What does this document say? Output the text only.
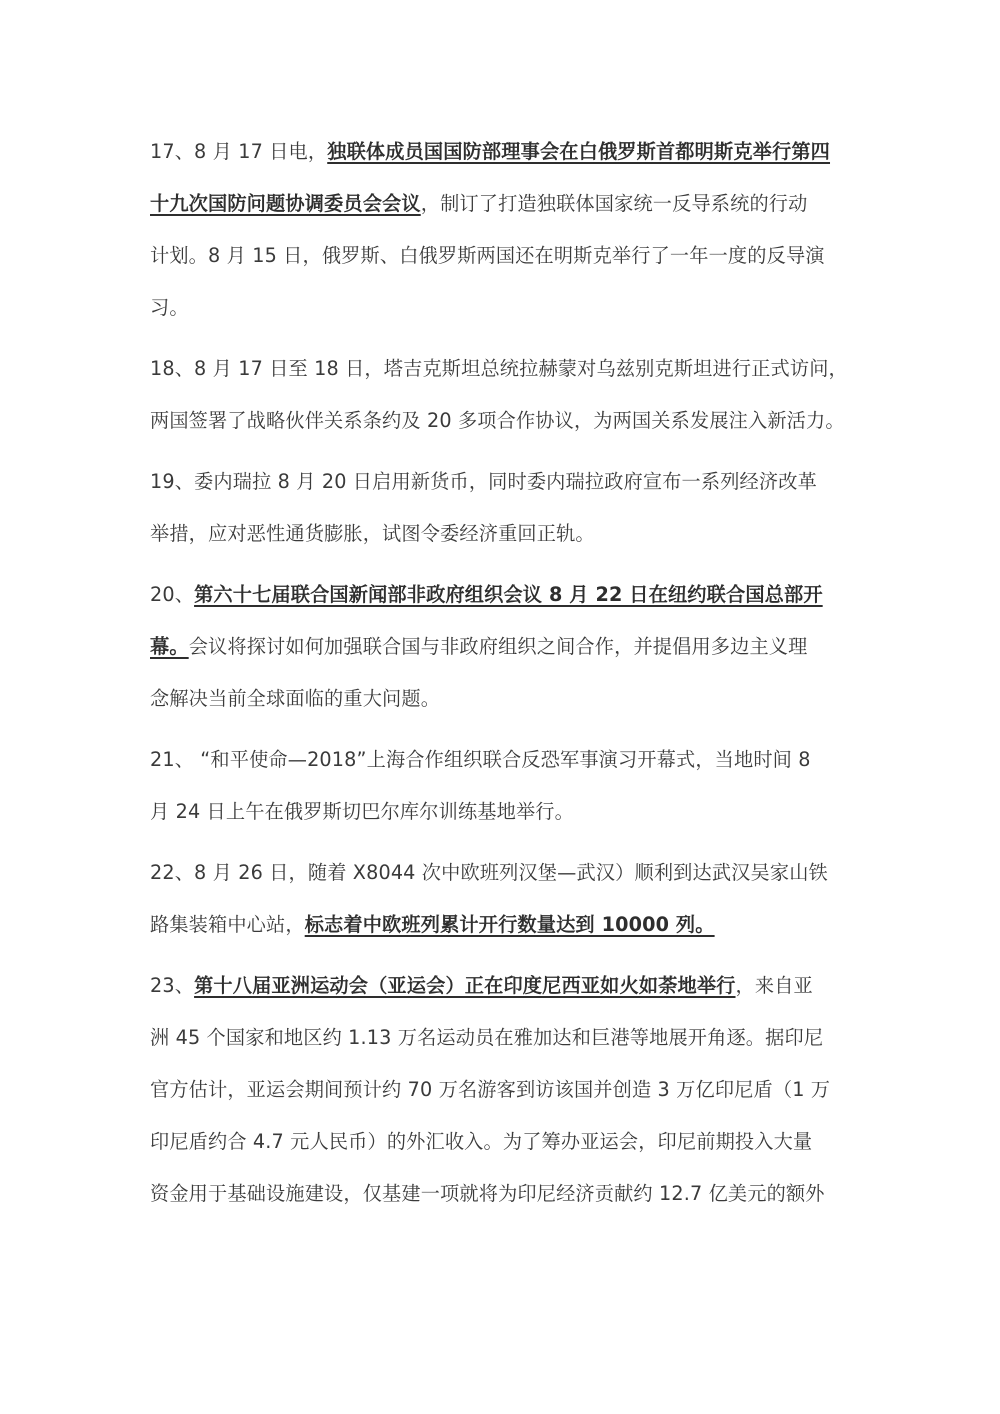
17、8 月 17 日电，独联体成员国国防部理事会在白俄罗斯首都明斯克举行第四
十九次国防问题协调委员会会议，制订了打造独联体国家统一反导系统的行动
计划。8 月 15 日，俄罗斯、白俄罗斯两国还在明斯克举行了一年一度的反导演
习。
18、8 月 17 日至 18 日，塔吉克斯坦总统拉赫蒙对乌兹别克斯坦进行正式访问，
两国签署了战略伙伴关系条约及 20 多项合作协议，为两国关系发展注入新活力。
19、委内瑞拉 8 月 20 日启用新货币，同时委内瑞拉政府宣布一系列经济改革
举措，应对恶性通货膨胀，试图令委经济重回正轨。
20、第六十七届联合国新闻部非政府组织会议 8 月 22 日在纽约联合国总部开
幕。会议将探讨如何加强联合国与非政府组织之间合作，并提倡用多边主义理
念解决当前全球面临的重大问题。
21、 “和平使命—2018”上海合作组织联合反恐军事演习开幕式，当地时间 8
月 24 日上午在俄罗斯切巴尔库尔训练基地举行。
22、8 月 26 日，随着 X8044 次中欧班列汉堡—武汉）顺利到达武汉吴家山铁
路集装箱中心站，标志着中欧班列累计开行数量达到 10000 列。
23、第十八届亚洲运动会（亚运会）正在印度尼西亚如火如荼地举行，来自亚
洲 45 个国家和地区约 1.13 万名运动员在雅加达和巨港等地展开角逐。据印尼
官方估计，亚运会期间预计约 70 万名游客到访该国并创造 3 万亿印尼盾（1 万
印尼盾约合 4.7 元人民币）的外汇收入。为了筹办亚运会，印尼前期投入大量
资金用于基础设施建设，仅基建一项就将为印尼经济贡献约 12.7 亿美元的额外
